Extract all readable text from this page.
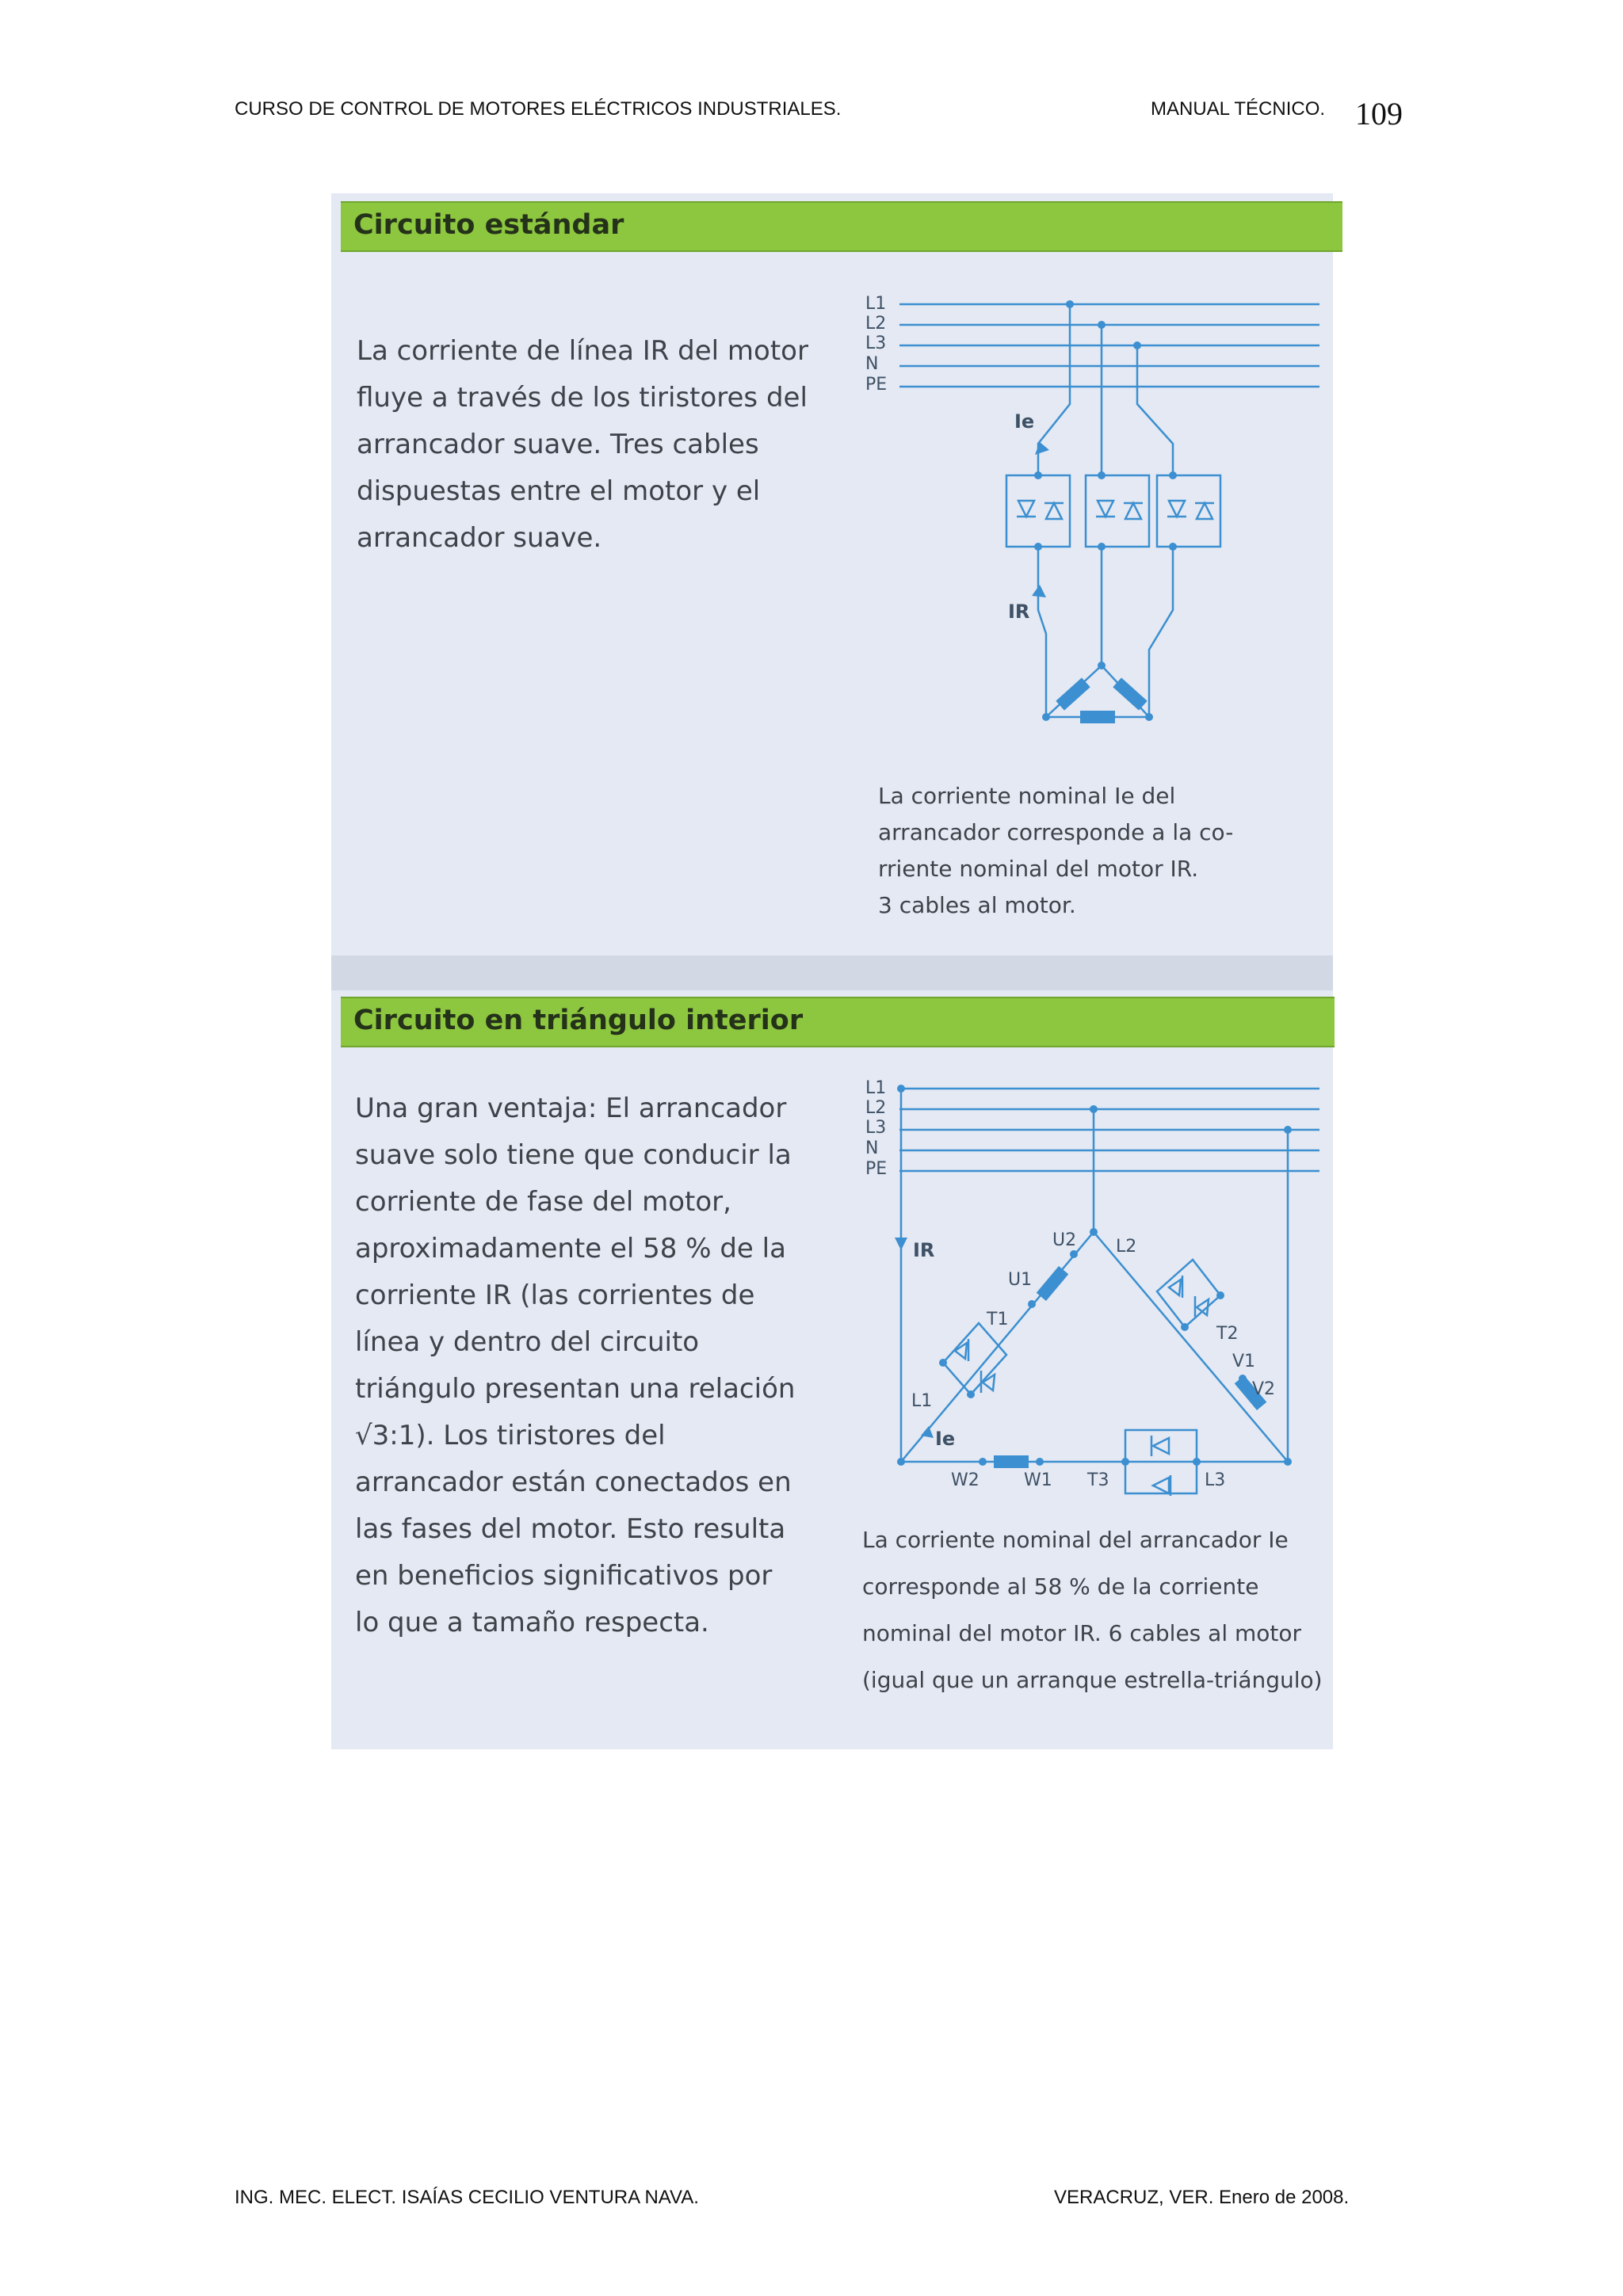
CURSO DE CONTROL DE MOTORES ELÉCTRICOS INDUSTRIALES.	MANUAL TÉCNICO. 109
Circuito estándar
La corriente de línea IR del motor
fluye a través de los tiristores del
arrancador suave. Tres cables
dispuestas entre el motor y el
arrancador suave.
L1
L2
L3
N
PE
Ie
IR
La corriente nominal Ie del
arrancador corresponde a la co-
rriente nominal del motor IR.
3 cables al motor.
Circuito en triángulo interior
Una gran ventaja: El arrancador
suave solo tiene que conducir la
corriente de fase del motor,
aproximadamente el 58 % de la
corriente IR (las corrientes de
línea y dentro del circuito
triángulo presentan una relación
√3:1). Los tiristores del
arrancador están conectados en
las fases del motor. Esto resulta
en beneficios significativos por
lo que a tamaño respecta.
L1
L2
L3
N
PE
IR
Ie
U2
U1
T1
L1
L2
T2
V1
V2
W2	W1 T3	L3
La corriente nominal del arrancador Ie
corresponde al 58 % de la corriente
nominal del motor IR. 6 cables al motor
(igual que un arranque estrella-triángulo)
ING. MEC. ELECT. ISAÍAS CECILIO VENTURA NAVA.	VERACRUZ, VER. Enero de 2008.
